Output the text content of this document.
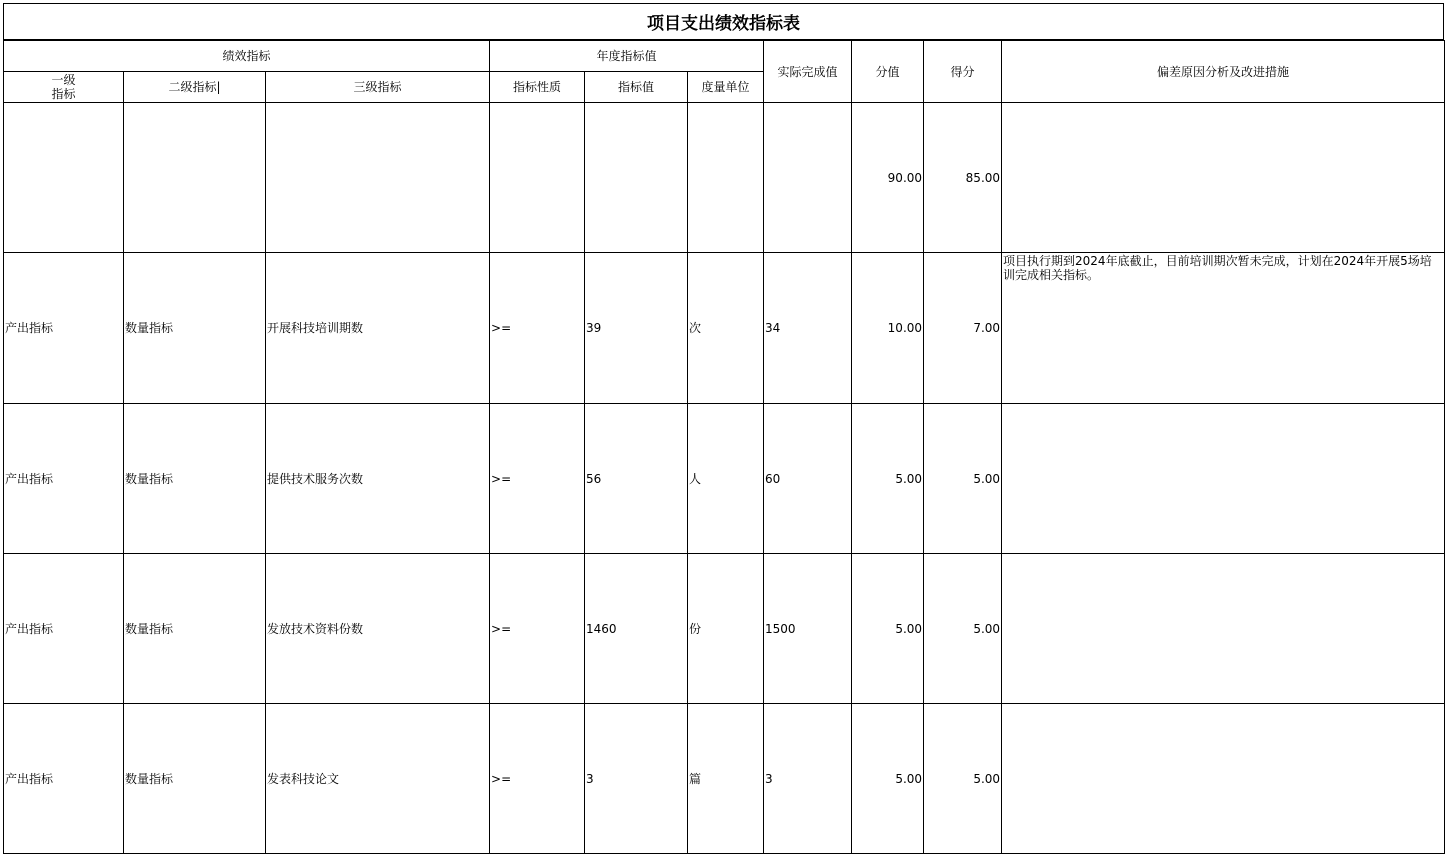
项目支出绩效指标表
绩效指标			年度指标值			实际完成值	分值	得分	偏差原因分析及改进措施

一级
指标	二级指标|	三级指标	指标性质	指标值	度量单位				
							90.00	85.00	
产出指标	数量指标	开展科技培训期数	>=	39	次	34	10.00	7.00	项目执行期到2024年底截止，目前培训期次暂未完成，计划在2024年开展5场培训完成相关指标。

产出指标	数量指标	提供技术服务次数	>=	56	人	60	5.00	5.00	
产出指标	数量指标	发放技术资料份数	>=	1460	份	1500	5.00	5.00	
产出指标	数量指标	发表科技论文	>=	3	篇	3	5.00	5.00	
